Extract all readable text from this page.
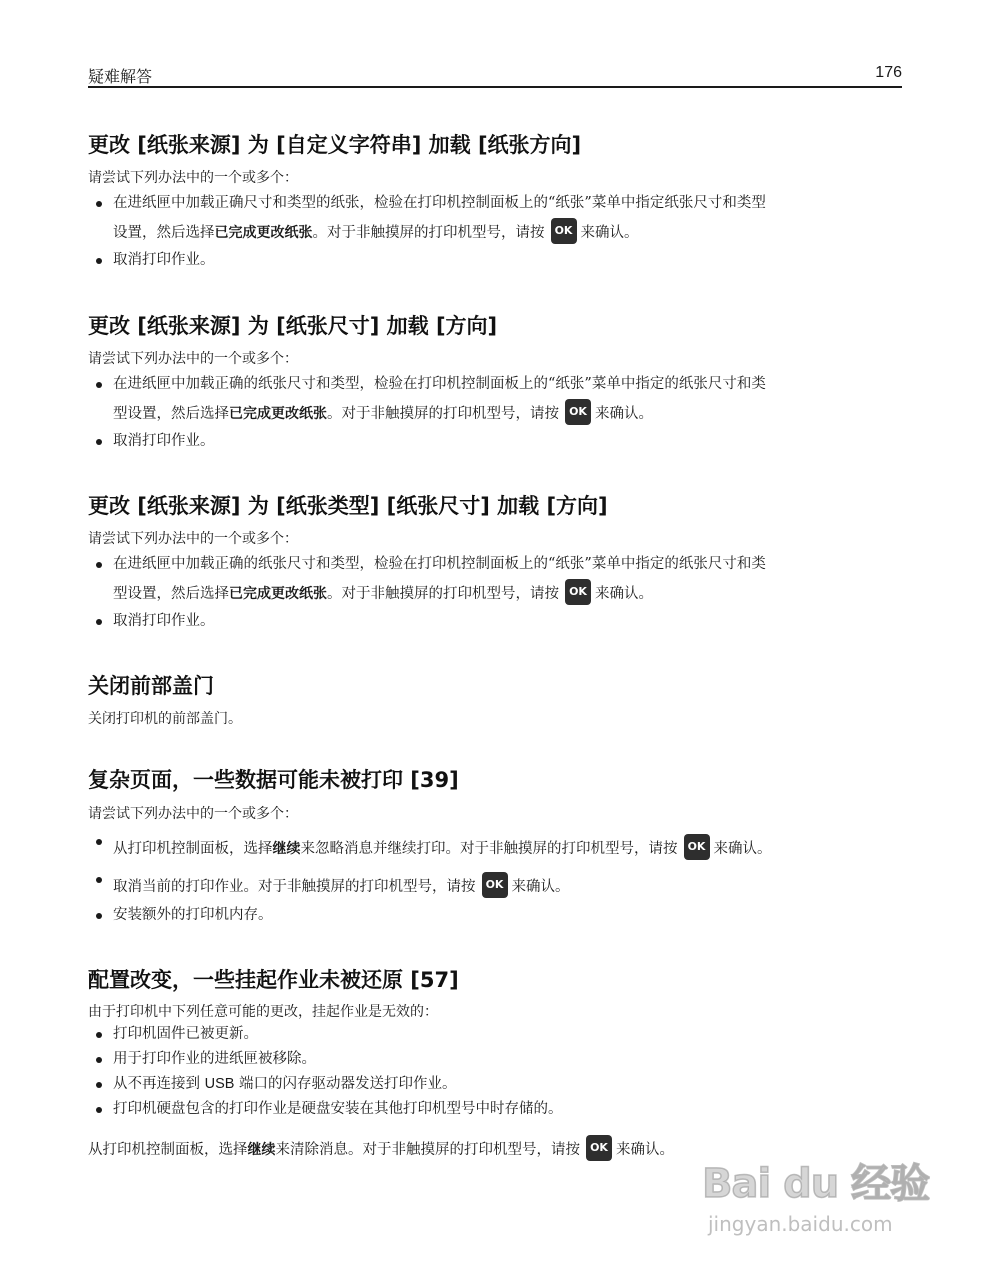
疑难解答	176
更改 [纸张来源] 为 [自定义字符串] 加载 [纸张方向]

请尝试下列办法中的一个或多个：

在进纸匣中加载正确尺寸和类型的纸张，检验在打印机控制面板上的“纸张”菜单中指定纸张尺寸和类型
设置，然后选择已完成更改纸张。对于非触摸屏的打印机型号，请按 OK 来确认。
取消打印作业。
更改 [纸张来源] 为 [纸张尺寸] 加载 [方向]

请尝试下列办法中的一个或多个：

在进纸匣中加载正确的纸张尺寸和类型，检验在打印机控制面板上的“纸张”菜单中指定的纸张尺寸和类
型设置，然后选择已完成更改纸张。对于非触摸屏的打印机型号，请按 OK 来确认。
取消打印作业。
更改 [纸张来源] 为 [纸张类型] [纸张尺寸] 加载 [方向]

请尝试下列办法中的一个或多个：

在进纸匣中加载正确的纸张尺寸和类型，检验在打印机控制面板上的“纸张”菜单中指定的纸张尺寸和类
型设置，然后选择已完成更改纸张。对于非触摸屏的打印机型号，请按 OK 来确认。
取消打印作业。
关闭前部盖门

关闭打印机的前部盖门。

复杂页面，一些数据可能未被打印 [39]

请尝试下列办法中的一个或多个：

从打印机控制面板，选择继续来忽略消息并继续打印。对于非触摸屏的打印机型号，请按 OK 来确认。
取消当前的打印作业。对于非触摸屏的打印机型号，请按 OK 来确认。
安装额外的打印机内存。
配置改变，一些挂起作业未被还原 [57]

由于打印机中下列任意可能的更改，挂起作业是无效的：

打印机固件已被更新。
用于打印作业的进纸匣被移除。
从不再连接到 USB 端口的闪存驱动器发送打印作业。
打印机硬盘包含的打印作业是硬盘安装在其他打印机型号中时存储的。

从打印机控制面板，选择继续来清除消息。对于非触摸屏的打印机型号，请按 OK 来确认。

Bai du 经验
jingyan.baidu.com
